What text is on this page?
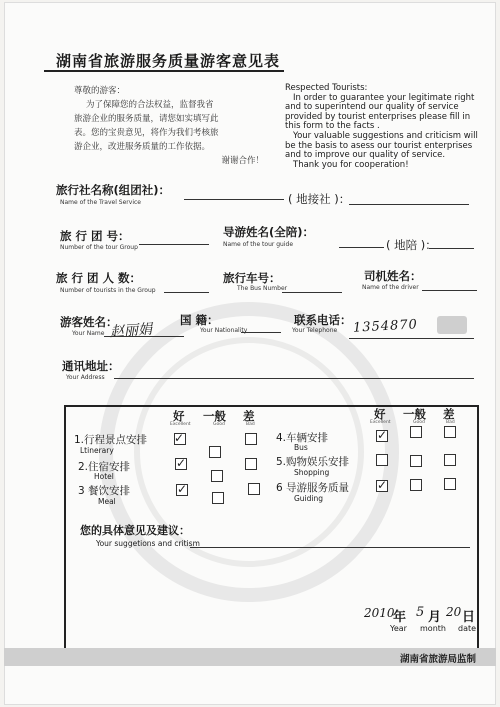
湖南省旅游服务质量游客意见表
尊敬的游客：
为了保障您的合法权益，监督我省
旅游企业的服务质量，请您如实填写此
表。您的宝贵意见，将作为我们考核旅
游企业，改进服务质量的工作依据。
谢谢合作！
Respected Tourists:
In order to guarantee your legitimate right and to superintend our quality of service provided by tourist enterprises please fill in this form to the facts .
Your valuable suggestions and criticism will be the basis to asess our tourist enterprises and to improve our quality of service.
Thank you for cooperation!
旅行社名称(组团社)：
Name of the Travel Service	( 地接社 )：
旅 行 团 号：
Number of the tour Group
导游姓名(全陪)：
Name of the tour guide	( 地陪 )：
旅 行 团 人 数：
Number of tourists in the Group
旅行车号：
The Bus Number
司机姓名：
Name of the driver
游客姓名：
Your Name 赵丽娟
国 籍：
Your Nationality
联系电话：
Your Telephone 1354870
通讯地址：
Your Address
好
Excellent
一般
Good
差
Bad
好
Excellent
一般
Good
差
Bad
1.行程景点安排
Ltinerary
2.住宿安排
Hotel
3 餐饮安排
Meal
4.车辆安排
Bus
5.购物娱乐安排
Shopping
6 导游服务质量
Guiding
✓
✓
✓
✓
✓
您的具体意见及建议：
Your suggetions and critism
2010
年 5 月 20 日
Year month date
湖南省旅游局监制
